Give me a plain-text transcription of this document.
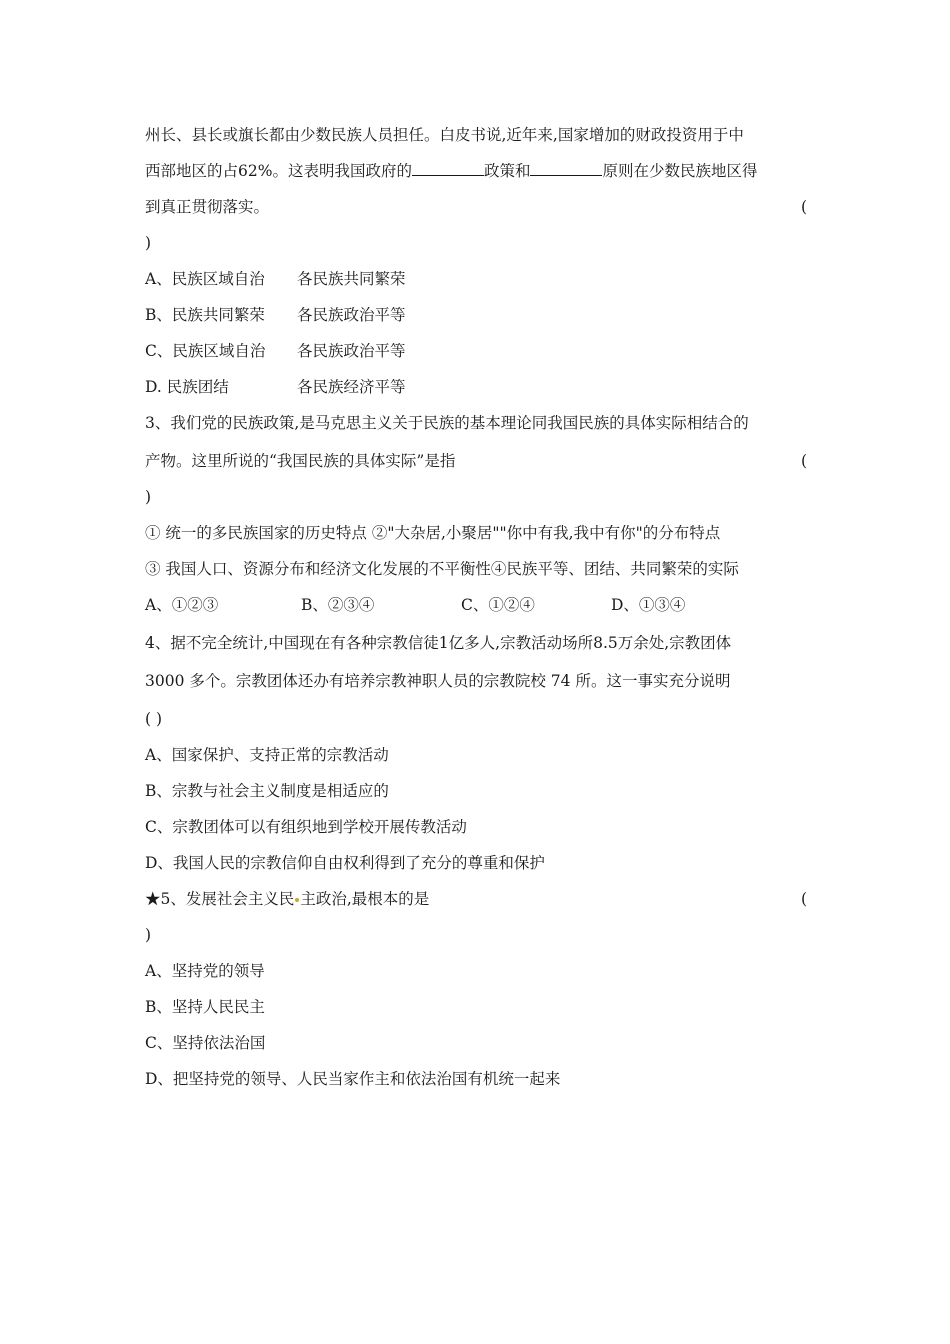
州长、县长或旗长都由少数民族人员担任。白皮书说,近年来,国家增加的财政投资用于中
西部地区的占62%。这表明我国政府的	政策和	原则在少数民族地区得
到真正贯彻落实。	(
)
A、民族区域自治 各民族共同繁荣
B、民族共同繁荣 各民族政治平等
C、民族区域自治 各民族政治平等
D. 民族团结	各民族经济平等
3、我们党的民族政策,是马克思主义关于民族的基本理论同我国民族的具体实际相结合的
产物。这里所说的“我国民族的具体实际”是指	(
)
① 统一的多民族国家的历史特点 ②"大杂居,小聚居""你中有我,我中有你"的分布特点
③ 我国人口、资源分布和经济文化发展的不平衡性④民族平等、团结、共同繁荣的实际
A、①②③	B、②③④	C、①②④	D、①③④
4、据不完全统计,中国现在有各种宗教信徒1亿多人,宗教活动场所8.5万余处,宗教团体
3000 多个。宗教团体还办有培养宗教神职人员的宗教院校 74 所。这一事实充分说明
( )
A、国家保护、支持正常的宗教活动
B、宗教与社会主义制度是相适应的
C、宗教团体可以有组织地到学校开展传教活动
D、我国人民的宗教信仰自由权利得到了充分的尊重和保护
★5、发展社会主义民 主政治,最根本的是	(
)
A、坚持党的领导
B、坚持人民民主
C、坚持依法治国
D、把坚持党的领导、人民当家作主和依法治国有机统一起来
